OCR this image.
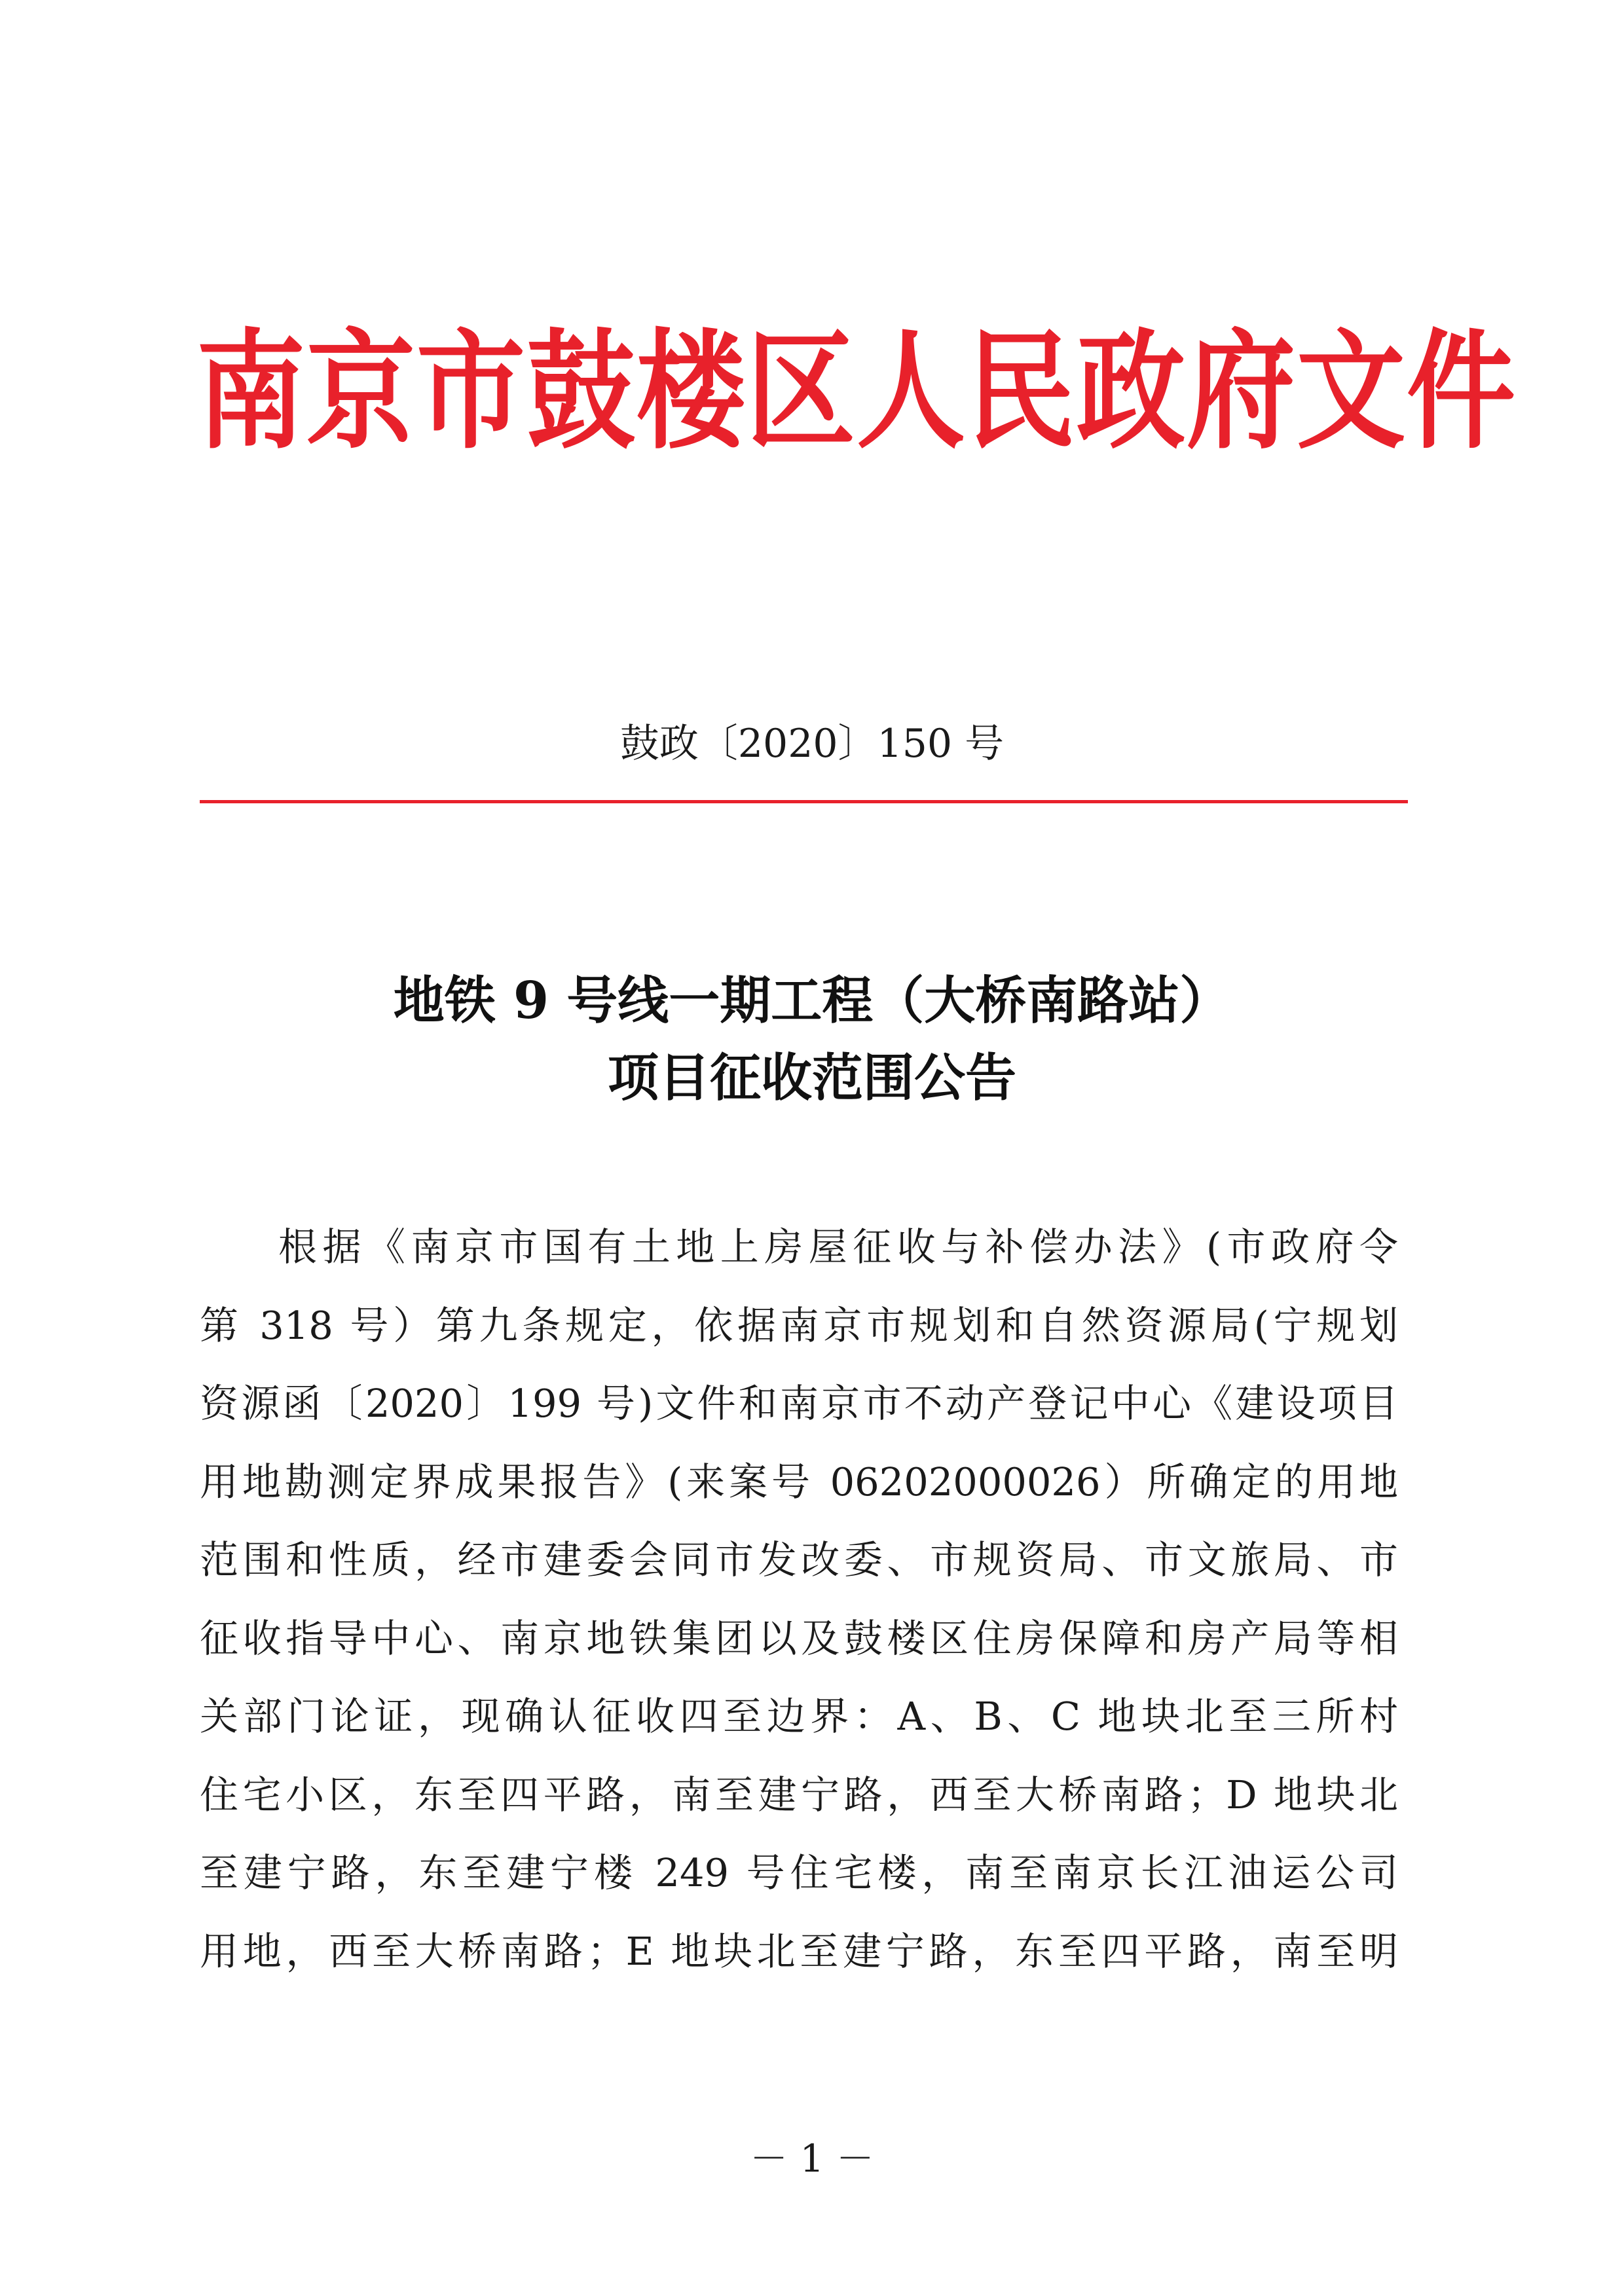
南京市鼓楼区人民政府文件
鼓政〔2020〕150 号
地铁 9 号线一期工程（大桥南路站）
项目征收范围公告
根据《南京市国有土地上房屋征收与补偿办法》(市政府令
第 318 号）第九条规定，依据南京市规划和自然资源局(宁规划
资源函〔2020〕199 号)文件和南京市不动产登记中心《建设项目
用地勘测定界成果报告》(来案号 06202000026）所确定的用地
范围和性质，经市建委会同市发改委、市规资局、市文旅局、市
征收指导中心、南京地铁集团以及鼓楼区住房保障和房产局等相
关部门论证，现确认征收四至边界：A、B、C 地块北至三所村
住宅小区，东至四平路，南至建宁路，西至大桥南路；D 地块北
至建宁路，东至建宁楼 249 号住宅楼，南至南京长江油运公司
用地，西至大桥南路；E 地块北至建宁路，东至四平路，南至明
－ 1 －
